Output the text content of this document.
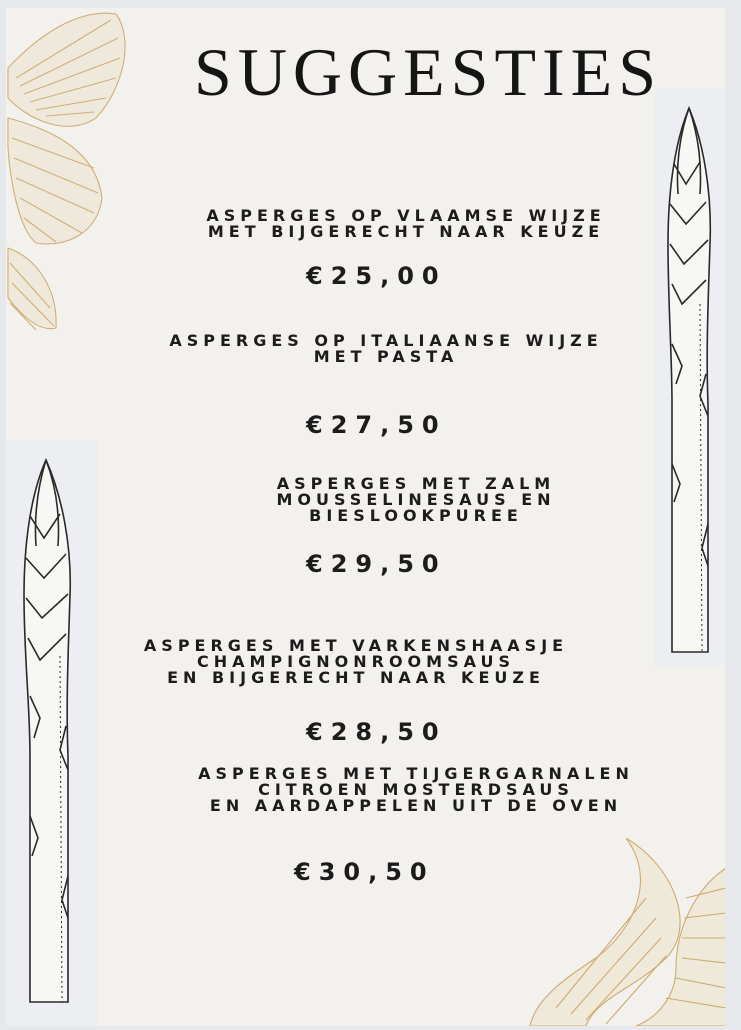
SUGGESTIES
ASPERGES OP VLAAMSE WIJZE
MET BIJGERECHT NAAR KEUZE
€25,00
ASPERGES OP ITALIAANSE WIJZE
MET PASTA
€27,50
ASPERGES MET ZALM
MOUSSELINESAUS EN
BIESLOOKPUREE
€29,50
ASPERGES MET VARKENSHAASJE
CHAMPIGNONROOMSAUS
EN BIJGERECHT NAAR KEUZE
€28,50
ASPERGES MET TIJGERGARNALEN
CITROEN MOSTERDSAUS
EN AARDAPPELEN UIT DE OVEN
€30,50
